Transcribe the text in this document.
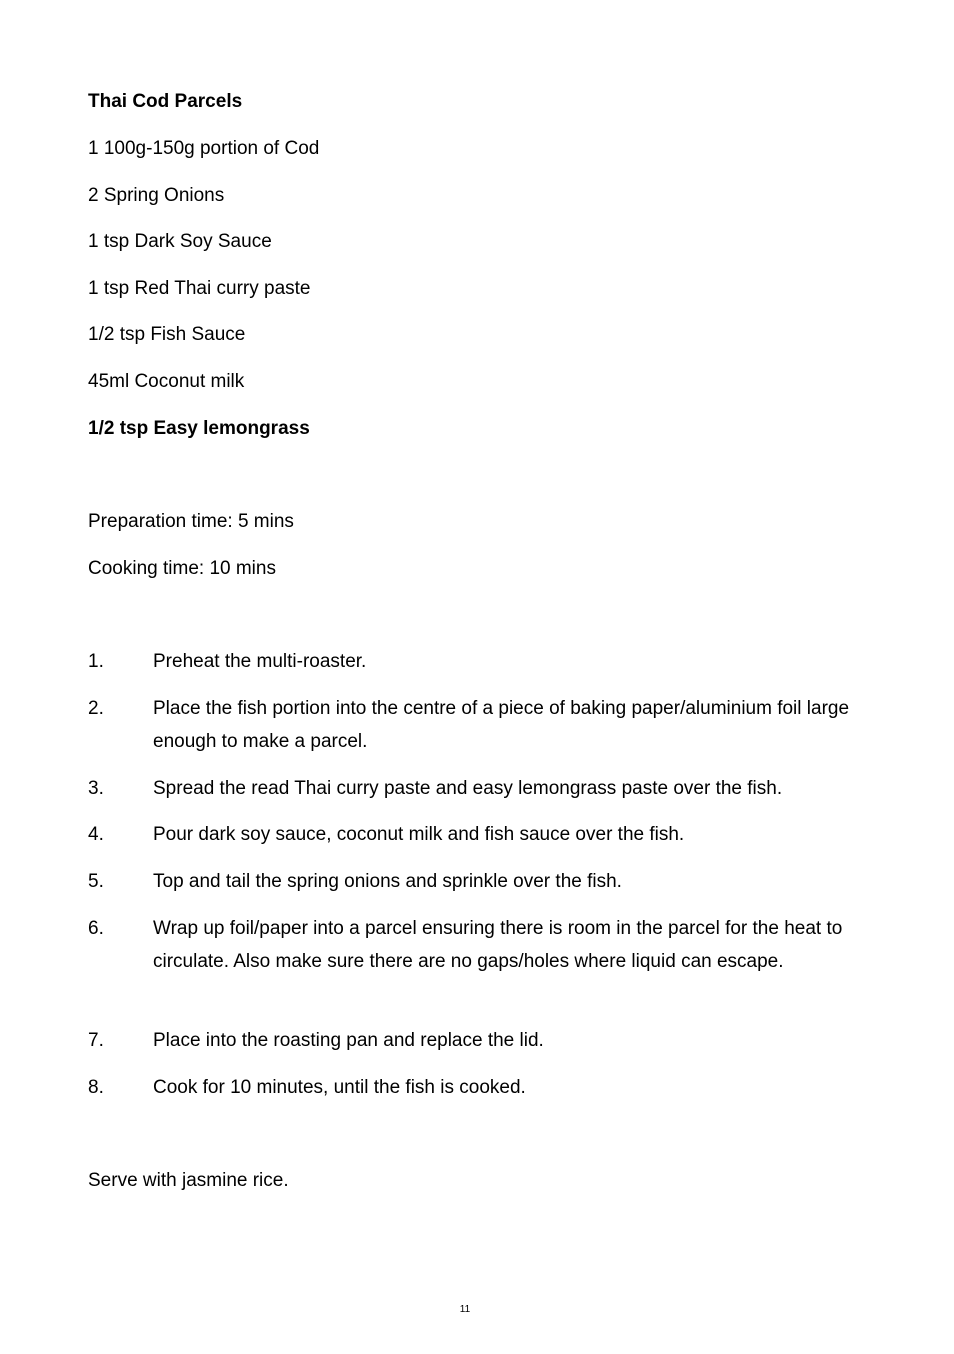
Thai Cod Parcels
1 100g-150g portion of Cod
2 Spring Onions
1 tsp Dark Soy Sauce
1 tsp Red Thai curry paste
1/2 tsp Fish Sauce
45ml Coconut milk
1/2 tsp Easy lemongrass
Preparation time: 5 mins
Cooking time: 10 mins
1.	Preheat the multi-roaster.
2.	Place the fish portion into the centre of a piece of baking paper/aluminium foil large enough to make a parcel.
3.	Spread the read Thai curry paste and easy lemongrass paste over the fish.
4.	Pour dark soy sauce, coconut milk and fish sauce over the fish.
5.	Top and tail the spring onions and sprinkle over the fish.
6.	Wrap up foil/paper into a parcel ensuring there is room in the parcel for the heat to circulate. Also make sure there are no gaps/holes where liquid can escape.
7.	Place into the roasting pan and replace the lid.
8.	Cook for 10 minutes, until the fish is cooked.
Serve with jasmine rice.
11
